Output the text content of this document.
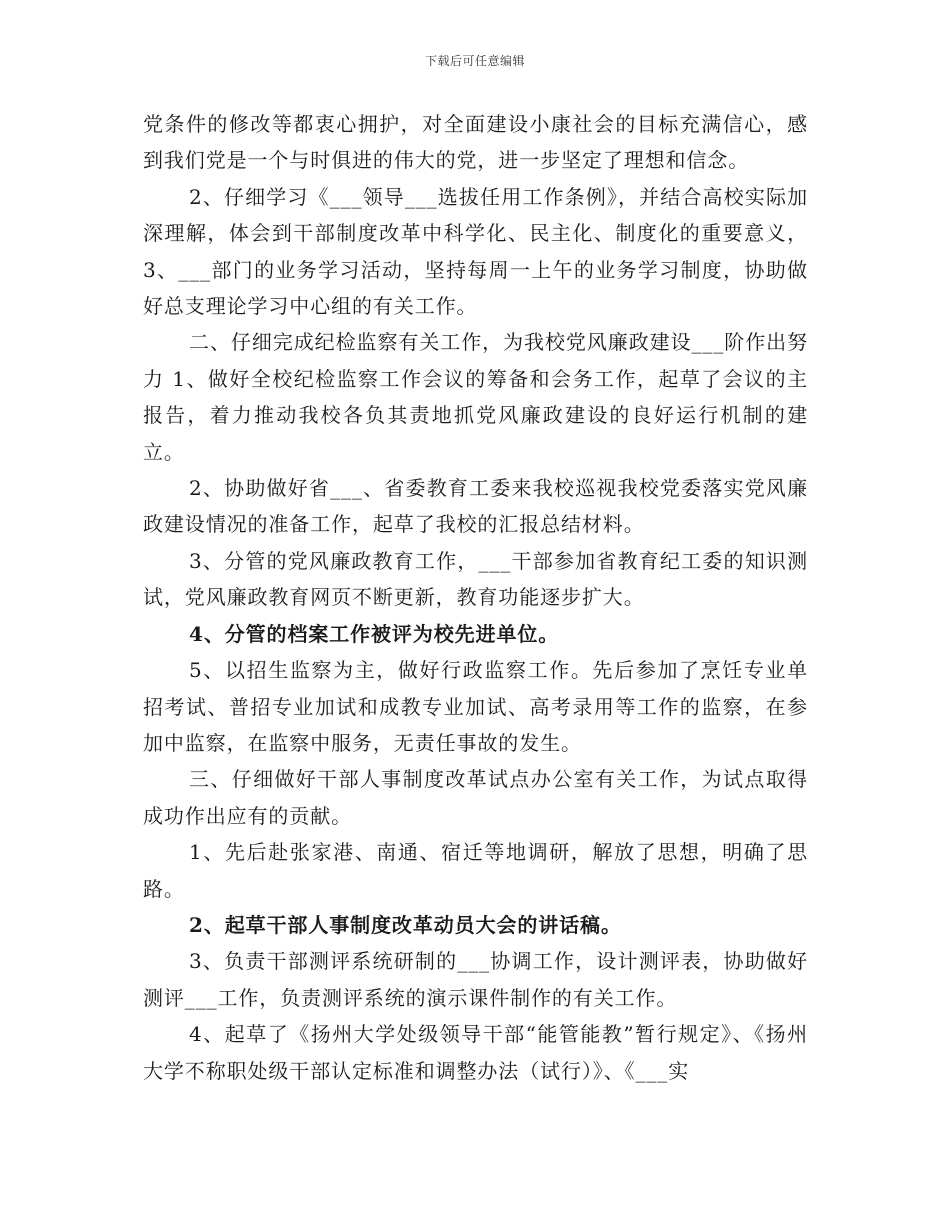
下载后可任意编辑

党条件的修改等都衷心拥护，对全面建设小康社会的目标充满信心，感到我们党是一个与时俱进的伟大的党，进一步坚定了理想和信念。

2、仔细学习《___领导___选拔任用工作条例》，并结合高校实际加深理解，体会到干部制度改革中科学化、民主化、制度化的重要意义，3、___部门的业务学习活动，坚持每周一上午的业务学习制度，协助做好总支理论学习中心组的有关工作。

二、仔细完成纪检监察有关工作，为我校党风廉政建设___阶作出努力 1、做好全校纪检监察工作会议的筹备和会务工作，起草了会议的主报告，着力推动我校各负其责地抓党风廉政建设的良好运行机制的建立。

2、协助做好省___、省委教育工委来我校巡视我校党委落实党风廉政建设情况的准备工作，起草了我校的汇报总结材料。

3、分管的党风廉政教育工作，___干部参加省教育纪工委的知识测试，党风廉政教育网页不断更新，教育功能逐步扩大。

4、分管的档案工作被评为校先进单位。

5、以招生监察为主，做好行政监察工作。先后参加了烹饪专业单招考试、普招专业加试和成教专业加试、高考录用等工作的监察，在参加中监察，在监察中服务，无责任事故的发生。

三、仔细做好干部人事制度改革试点办公室有关工作，为试点取得成功作出应有的贡献。

1、先后赴张家港、南通、宿迁等地调研，解放了思想，明确了思路。

2、起草干部人事制度改革动员大会的讲话稿。

3、负责干部测评系统研制的___协调工作，设计测评表，协助做好测评___工作，负责测评系统的演示课件制作的有关工作。

4、起草了《扬州大学处级领导干部“能管能教”暂行规定》、《扬州大学不称职处级干部认定标准和调整办法（试行）》、《___实
